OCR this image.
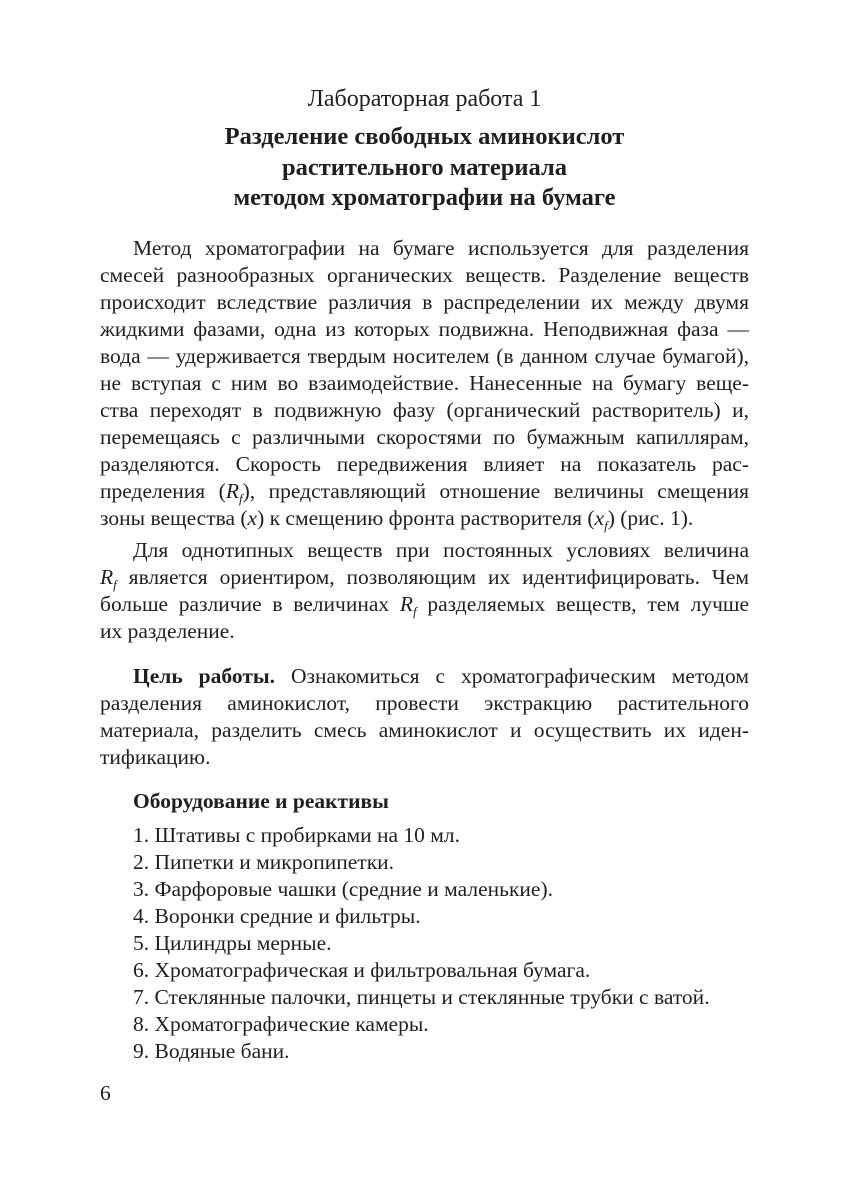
Лабораторная работа 1
Разделение свободных аминокислот
растительного материала
методом хроматографии на бумаге
Метод хроматографии на бумаге используется для разделения
смесей разнообразных органических веществ. Разделение веществ
происходит вследствие различия в распределении их между двумя
жидкими фазами, одна из которых подвижна. Неподвижная фаза —
вода — удерживается твердым носителем (в данном случае бумагой),
не вступая с ним во взаимодействие. Нанесенные на бумагу веще-
ства переходят в подвижную фазу (органический растворитель) и,
перемещаясь с различными скоростями по бумажным капиллярам,
разделяются. Скорость передвижения влияет на показатель рас-
пределения $(R_f)$, представляющий отношение величины смещения
зоны вещества (x) к смещению фронта растворителя $(x_f)$ (рис. 1).
Для однотипных веществ при постоянных условиях величина
$R_f$ является ориентиром, позволяющим их идентифицировать. Чем
больше различие в величинах $R_f$ разделяемых веществ, тем лучше
их разделение.
Цель работы. Ознакомиться с хроматографическим методом
разделения аминокислот, провести экстракцию растительного
материала, разделить смесь аминокислот и осуществить их иден-
тификацию.
Оборудование и реактивы
1. Штативы с пробирками на 10 мл.
2. Пипетки и микропипетки.
3. Фарфоровые чашки (средние и маленькие).
4. Воронки средние и фильтры.
5. Цилиндры мерные.
6. Хроматографическая и фильтровальная бумага.
7. Стеклянные палочки, пинцеты и стеклянные трубки с ватой.
8. Хроматографические камеры.
9. Водяные бани.
6
